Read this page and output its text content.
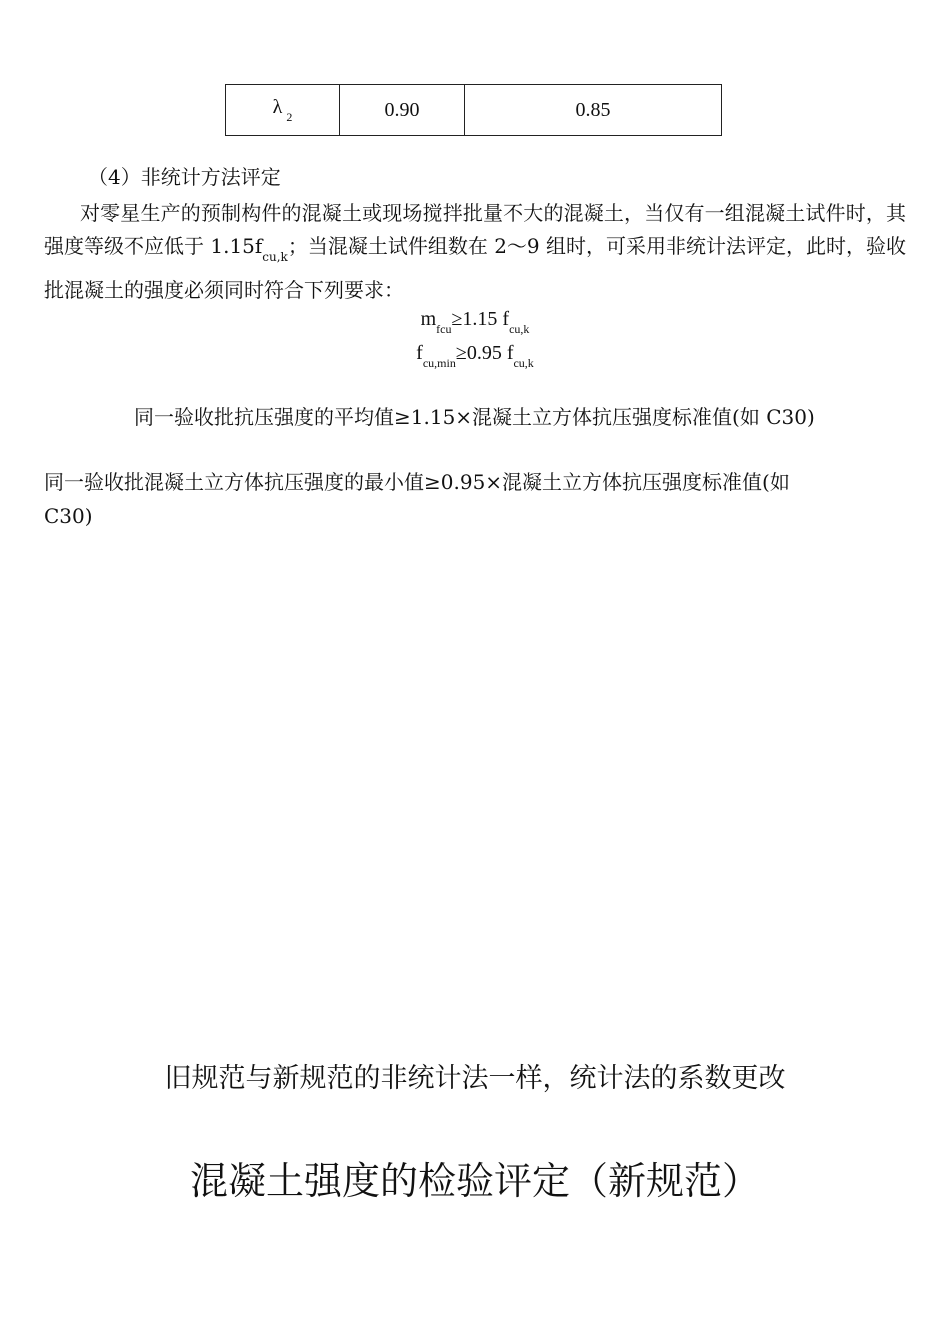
λ $_2$	0.90	0.85
（4）非统计方法评定
对零星生产的预制构件的混凝土或现场搅拌批量不大的混凝土，当仅有一组混凝土试件时，其强度等级不应低于 $1.15f_{cu,k}$；当混凝土试件组数在 2～9 组时，可采用非统计法评定，此时，验收批混凝土的强度必须同时符合下列要求：
$m_{fcu}\ge 1.15$ $f_{cu,k}$
$f_{cu,min}\ge 0.95$ $f_{cu,k}$
同一验收批抗压强度的平均值≥1.15×混凝土立方体抗压强度标准值(如 C30)
同一验收批混凝土立方体抗压强度的最小值≥0.95×混凝土立方体抗压强度标准值(如
C30)
旧规范与新规范的非统计法一样，统计法的系数更改
混凝土强度的检验评定（新规范）
